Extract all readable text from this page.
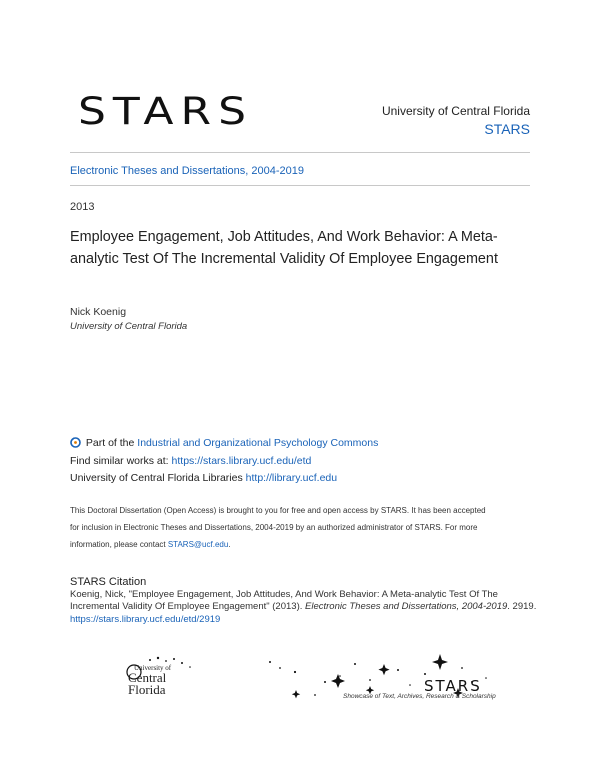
STARS	University of Central Florida
STARS
Electronic Theses and Dissertations, 2004-2019
2013
Employee Engagement, Job Attitudes, And Work Behavior: A Meta-analytic Test Of The Incremental Validity Of Employee Engagement
Nick Koenig
University of Central Florida
Part of the Industrial and Organizational Psychology Commons
Find similar works at: https://stars.library.ucf.edu/etd
University of Central Florida Libraries http://library.ucf.edu
This Doctoral Dissertation (Open Access) is brought to you for free and open access by STARS. It has been accepted
for inclusion in Electronic Theses and Dissertations, 2004-2019 by an authorized administrator of STARS. For more
information, please contact STARS@ucf.edu.
STARS Citation
Koenig, Nick, "Employee Engagement, Job Attitudes, And Work Behavior: A Meta-analytic Test Of The Incremental Validity Of Employee Engagement" (2013). Electronic Theses and Dissertations, 2004-2019. 2919.
https://stars.library.ucf.edu/etd/2919
University of
Central
Florida	STARS
Showcase of Text, Archives, Research & Scholarship
